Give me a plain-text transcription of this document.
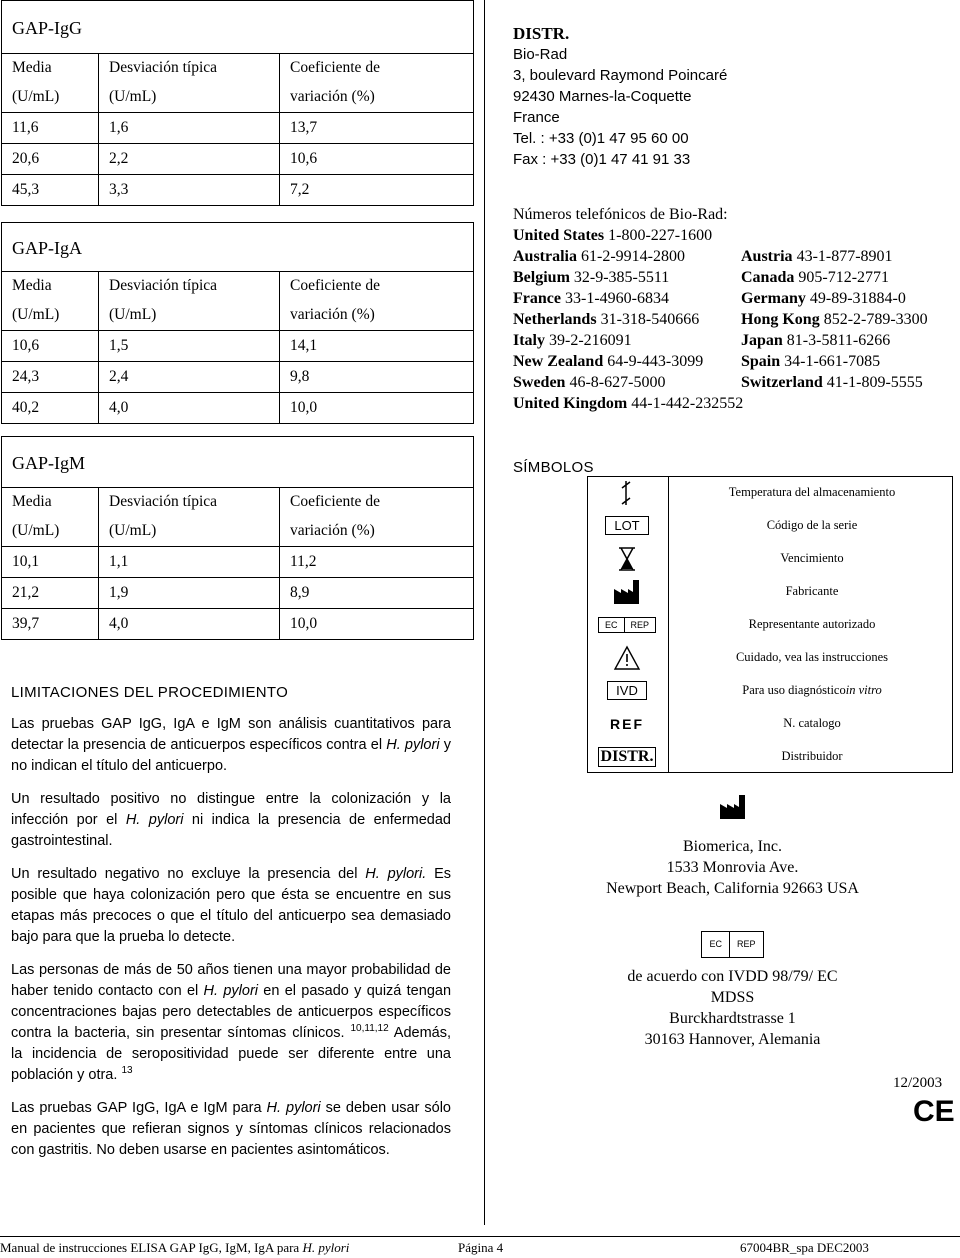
GAP-IgG		
Media	Desviación típica	Coeficiente de
(U/mL)	(U/mL)	variación (%)
11,6	1,6	13,7
20,6	2,2	10,6
45,3	3,3	7,2
GAP-IgA		
Media	Desviación típica	Coeficiente de
(U/mL)	(U/mL)	variación (%)
10,6	1,5	14,1
24,3	2,4	9,8
40,2	4,0	10,0
GAP-IgM		
Media	Desviación típica	Coeficiente de
(U/mL)	(U/mL)	variación (%)
10,1	1,1	11,2
21,2	1,9	8,9
39,7	4,0	10,0
LIMITACIONES DEL PROCEDIMIENTO

Las pruebas GAP IgG, IgA e IgM son análisis cuantitativos para detectar la presencia de anticuerpos específicos contra el H. pylori y no indican el título del anticuerpo.

Un resultado positivo no distingue entre la colonización y la infección por el H. pylori ni indica la presencia de enfermedad gastrointestinal.

Un resultado negativo no excluye la presencia del H. pylori. Es posible que haya colonización pero que ésta se encuentre en sus etapas más precoces o que el título del anticuerpo sea demasiado bajo para que la prueba lo detecte.

Las personas de más de 50 años tienen una mayor probabilidad de haber tenido contacto con el H. pylori en el pasado y quizá tengan concentraciones bajas pero detectables de anticuerpos específicos contra la bacteria, sin presentar síntomas clínicos. $^{10,11,12}$ Además, la incidencia de seropositividad puede ser diferente entre una población y otra. $^{13}$

Las pruebas GAP IgG, IgA e IgM para H. pylori se deben usar sólo en pacientes que refieran signos y síntomas clínicos relacionados con gastritis. No deben usarse en pacientes asintomáticos.

DISTR.
Bio-Rad
3, boulevard Raymond Poincaré
92430 Marnes-la-Coquette
France
Tel. : +33 (0)1 47 95 60 00
Fax : +33 (0)1 47 41 91 33
Números telefónicos de Bio-Rad:
United States 1-800-227-1600
Australia 61-2-9914-2800	Austria 43-1-877-8901
Belgium 32-9-385-5511	Canada 905-712-2771
France 33-1-4960-6834	Germany 49-89-31884-0
Netherlands 31-318-540666	Hong Kong 852-2-789-3300
Italy 39-2-216091	Japan 81-3-5811-6266
New Zealand 64-9-443-3099 Spain 34-1-661-7085
Sweden 46-8-627-5000	Switzerland 41-1-809-5555
United Kingdom 44-1-442-232552
SÍMBOLOS
Temperatura del almacenamiento
LOT	Código de la serie
Vencimiento
Fabricante
EC	REP	Representante autorizado
Cuidado, vea las instrucciones
IVD	Para uso diagnóstico in vitro
REF	N. catalogo
DISTR.	Distribuidor
Biomerica, Inc.
1533 Monrovia Ave.
Newport Beach, California 92663 USA
EC	REP
de acuerdo con IVDD 98/79/ EC
MDSS
Burckhardtstrasse 1
30163 Hannover, Alemania
12/2003
CE
Manual de instrucciones ELISA GAP IgG, IgM, IgA para H. pylori	Página 4	67004BR_spa DEC2003
